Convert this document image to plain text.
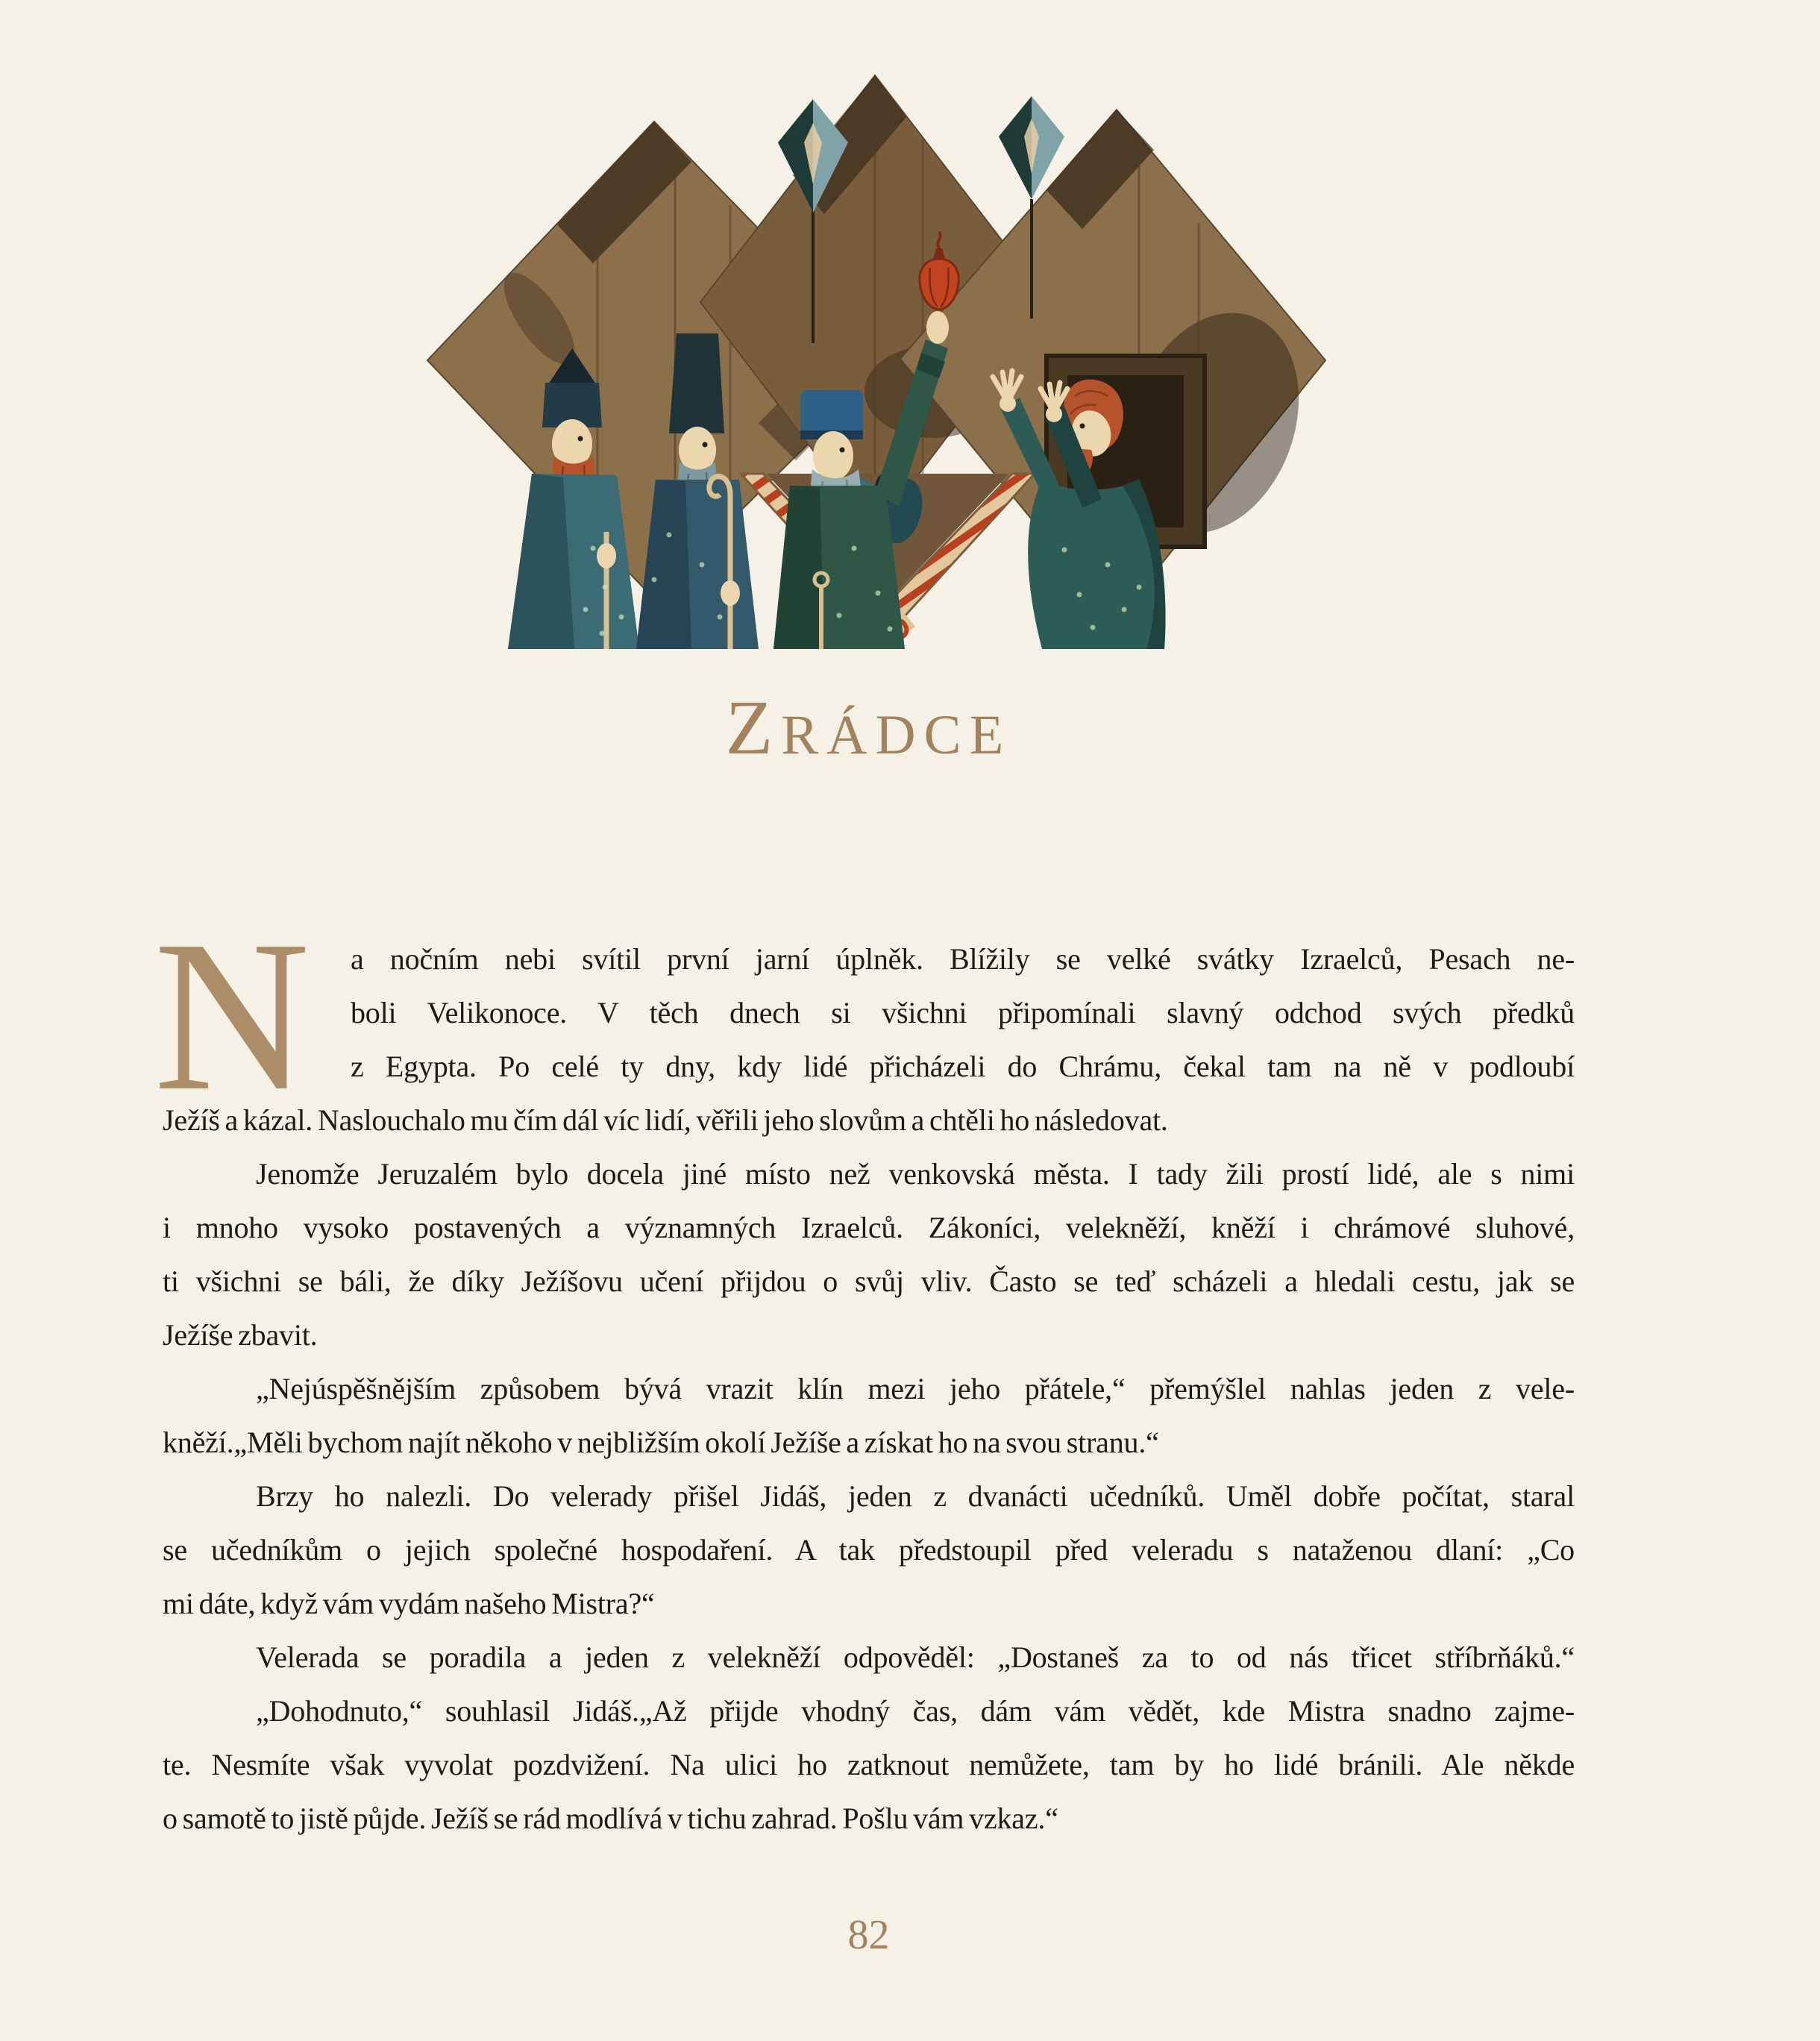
ZRÁDCE
N	a nočním nebi svítil první jarní úplněk. Blížily se velké svátky Izraelců, Pesach ne-
boli Velikonoce. V těch dnech si všichni připomínali slavný odchod svých předků
z Egypta. Po celé ty dny, kdy lidé přicházeli do Chrámu, čekal tam na ně v podloubí
Ježíš a kázal. Naslouchalo mu čím dál víc lidí, věřili jeho slovům a chtěli ho následovat.
Jenomže Jeruzalém bylo docela jiné místo než venkovská města. I tady žili prostí lidé, ale s nimi
i mnoho vysoko postavených a významných Izraelců. Zákoníci, velekněží, kněží i chrámové sluhové,
ti všichni se báli, že díky Ježíšovu učení přijdou o svůj vliv. Často se teď scházeli a hledali cestu, jak se
Ježíše zbavit.
„Nejúspěšnějším způsobem bývá vrazit klín mezi jeho přátele,“ přemýšlel nahlas jeden z vele-
kněží.„Měli bychom najít někoho v nejbližším okolí Ježíše a získat ho na svou stranu.“
Brzy ho nalezli. Do velerady přišel Jidáš, jeden z dvanácti učedníků. Uměl dobře počítat, staral
se učedníkům o jejich společné hospodaření. A tak předstoupil před veleradu s nataženou dlaní: „Co
mi dáte, když vám vydám našeho Mistra?“
Velerada se poradila a jeden z velekněží odpověděl: „Dostaneš za to od nás třicet stříbrňáků.“
„Dohodnuto,“ souhlasil Jidáš.„Až přijde vhodný čas, dám vám vědět, kde Mistra snadno zajme-
te. Nesmíte však vyvolat pozdvižení. Na ulici ho zatknout nemůžete, tam by ho lidé bránili. Ale někde
o samotě to jistě půjde. Ježíš se rád modlívá v tichu zahrad. Pošlu vám vzkaz.“
82
